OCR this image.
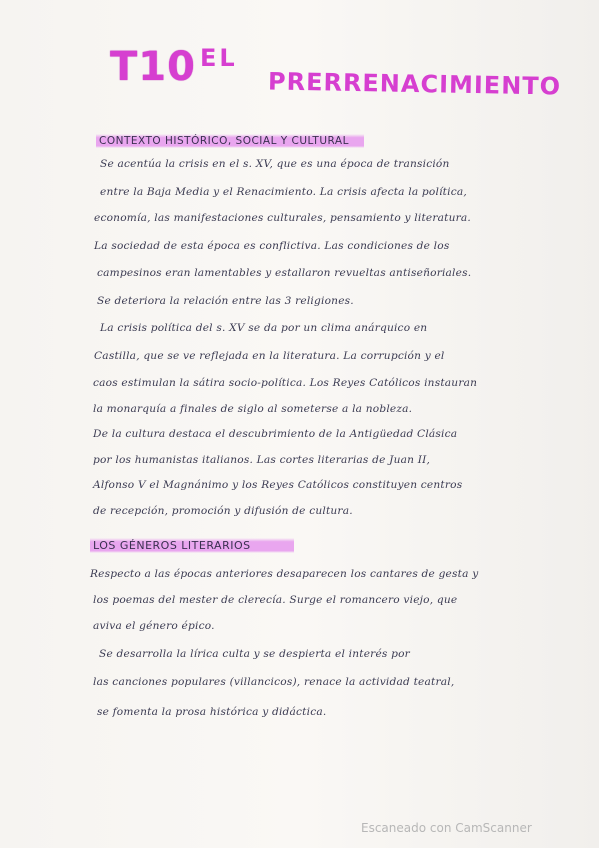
T10 EL
PRERRENACIMIENTO
CONTEXTO HISTÓRICO, SOCIAL Y CULTURAL
Se acentúa la crisis en el s. XV, que es una época de transición
entre la Baja Media y el Renacimiento. La crisis afecta la política,
economía, las manifestaciones culturales, pensamiento y literatura.
La sociedad de esta época es conflictiva. Las condiciones de los
campesinos eran lamentables y estallaron revueltas antiseñoriales.
Se deteriora la relación entre las 3 religiones.
La crisis política del s. XV se da por un clima anárquico en
Castilla, que se ve reflejada en la literatura. La corrupción y el
caos estimulan la sátira socio-política. Los Reyes Católicos instauran
la monarquía a finales de siglo al someterse a la nobleza.
De la cultura destaca el descubrimiento de la Antigüedad Clásica
por los humanistas italianos. Las cortes literarias de Juan II,
Alfonso V el Magnánimo y los Reyes Católicos constituyen centros
de recepción, promoción y difusión de cultura.
LOS GÉNEROS LITERARIOS
Respecto a las épocas anteriores desaparecen los cantares de gesta y
los poemas del mester de clerecía. Surge el romancero viejo, que
aviva el género épico.
Se desarrolla la lírica culta y se despierta el interés por
las canciones populares (villancicos), renace la actividad teatral,
se fomenta la prosa histórica y didáctica.
Escaneado con CamScanner
